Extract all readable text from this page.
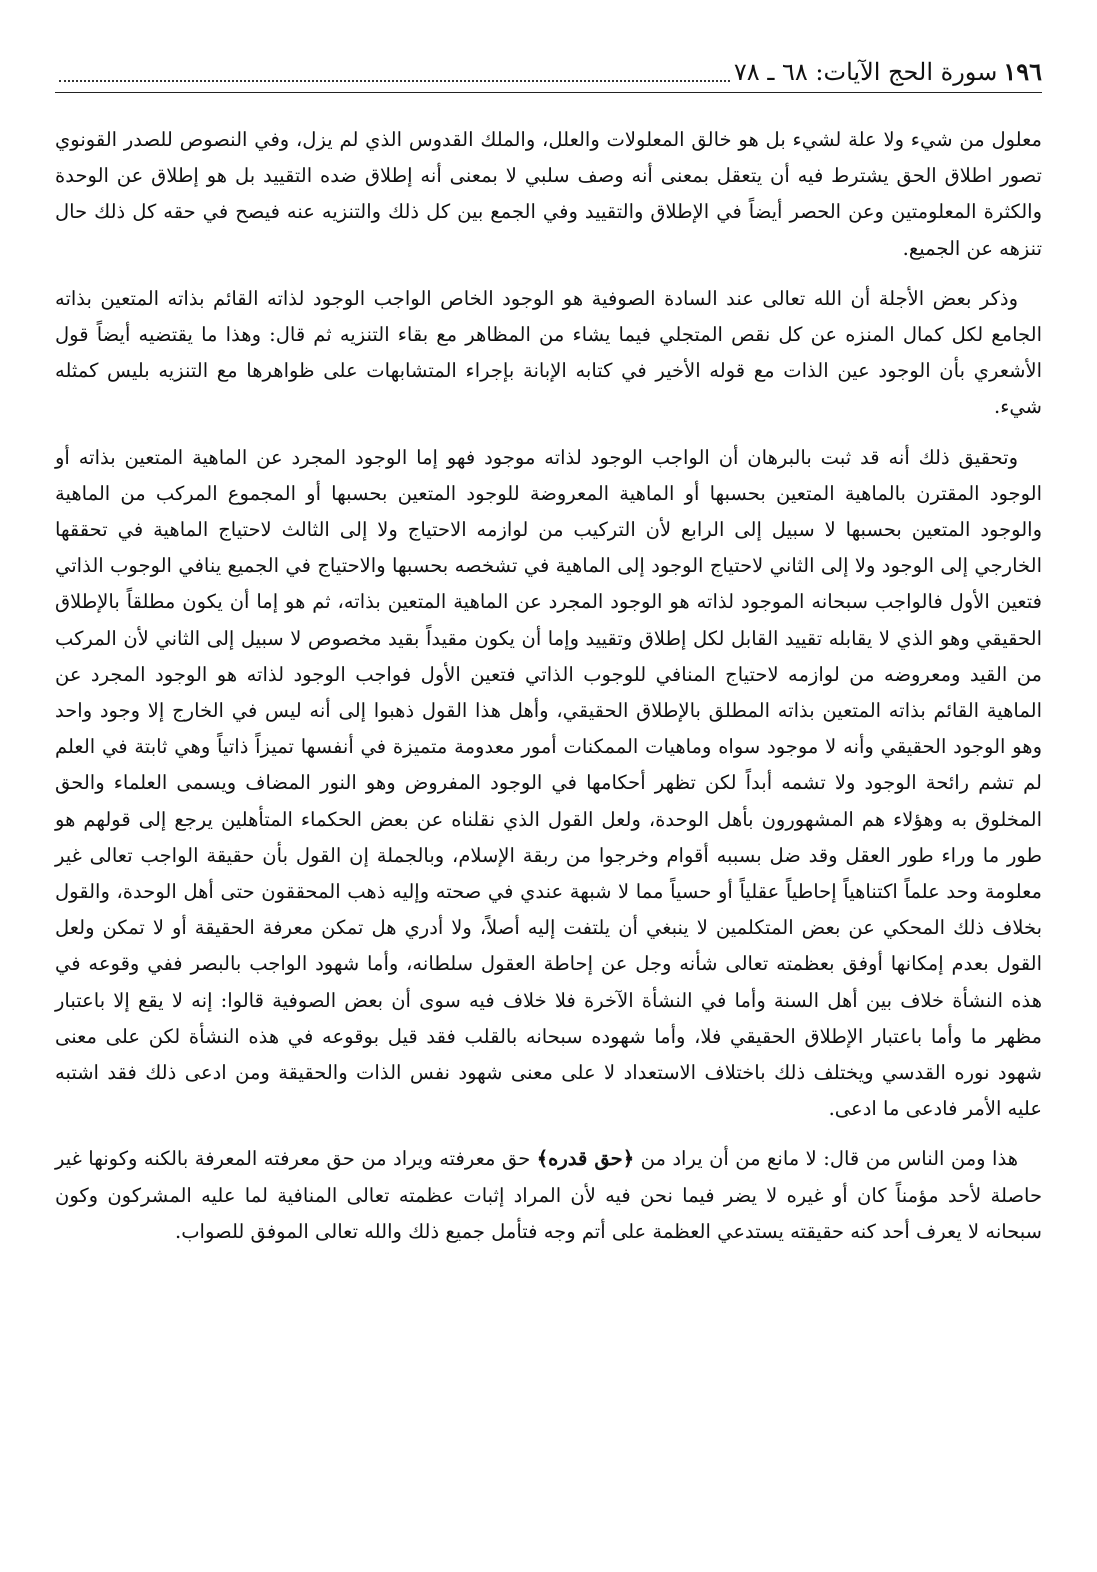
١٩٦
سورة الحج الآيات: ٦٨ ـ ٧٨

معلول من شيء ولا علة لشيء بل هو خالق المعلولات والعلل، والملك القدوس الذي لم يزل، وفي النصوص للصدر القونوي تصور اطلاق الحق يشترط فيه أن يتعقل بمعنى أنه وصف سلبي لا بمعنى أنه إطلاق ضده التقييد بل هو إطلاق عن الوحدة والكثرة المعلومتين وعن الحصر أيضاً في الإطلاق والتقييد وفي الجمع بين كل ذلك والتنزيه عنه فيصح في حقه كل ذلك حال تنزهه عن الجميع.

وذكر بعض الأجلة أن الله تعالى عند السادة الصوفية هو الوجود الخاص الواجب الوجود لذاته القائم بذاته المتعين بذاته الجامع لكل كمال المنزه عن كل نقص المتجلي فيما يشاء من المظاهر مع بقاء التنزيه ثم قال: وهذا ما يقتضيه أيضاً قول الأشعري بأن الوجود عين الذات مع قوله الأخير في كتابه الإبانة بإجراء المتشابهات على ظواهرها مع التنزيه بليس كمثله شيء.

وتحقيق ذلك أنه قد ثبت بالبرهان أن الواجب الوجود لذاته موجود فهو إما الوجود المجرد عن الماهية المتعين بذاته أو الوجود المقترن بالماهية المتعين بحسبها أو الماهية المعروضة للوجود المتعين بحسبها أو المجموع المركب من الماهية والوجود المتعين بحسبها لا سبيل إلى الرابع لأن التركيب من لوازمه الاحتياج ولا إلى الثالث لاحتياج الماهية في تحققها الخارجي إلى الوجود ولا إلى الثاني لاحتياج الوجود إلى الماهية في تشخصه بحسبها والاحتياج في الجميع ينافي الوجوب الذاتي فتعين الأول فالواجب سبحانه الموجود لذاته هو الوجود المجرد عن الماهية المتعين بذاته، ثم هو إما أن يكون مطلقاً بالإطلاق الحقيقي وهو الذي لا يقابله تقييد القابل لكل إطلاق وتقييد وإما أن يكون مقيداً بقيد مخصوص لا سبيل إلى الثاني لأن المركب من القيد ومعروضه من لوازمه لاحتياج المنافي للوجوب الذاتي فتعين الأول فواجب الوجود لذاته هو الوجود المجرد عن الماهية القائم بذاته المتعين بذاته المطلق بالإطلاق الحقيقي، وأهل هذا القول ذهبوا إلى أنه ليس في الخارج إلا وجود واحد وهو الوجود الحقيقي وأنه لا موجود سواه وماهيات الممكنات أمور معدومة متميزة في أنفسها تميزاً ذاتياً وهي ثابتة في العلم لم تشم رائحة الوجود ولا تشمه أبداً لكن تظهر أحكامها في الوجود المفروض وهو النور المضاف ويسمى العلماء والحق المخلوق به وهؤلاء هم المشهورون بأهل الوحدة، ولعل القول الذي نقلناه عن بعض الحكماء المتأهلين يرجع إلى قولهم هو طور ما وراء طور العقل وقد ضل بسببه أقوام وخرجوا من ربقة الإسلام، وبالجملة إن القول بأن حقيقة الواجب تعالى غير معلومة وحد علماً اكتناهياً إحاطياً عقلياً أو حسياً مما لا شبهة عندي في صحته وإليه ذهب المحققون حتى أهل الوحدة، والقول بخلاف ذلك المحكي عن بعض المتكلمين لا ينبغي أن يلتفت إليه أصلاً، ولا أدري هل تمكن معرفة الحقيقة أو لا تمكن ولعل القول بعدم إمكانها أوفق بعظمته تعالى شأنه وجل عن إحاطة العقول سلطانه، وأما شهود الواجب بالبصر ففي وقوعه في هذه النشأة خلاف بين أهل السنة وأما في النشأة الآخرة فلا خلاف فيه سوى أن بعض الصوفية قالوا: إنه لا يقع إلا باعتبار مظهر ما وأما باعتبار الإطلاق الحقيقي فلا، وأما شهوده سبحانه بالقلب فقد قيل بوقوعه في هذه النشأة لكن على معنى شهود نوره القدسي ويختلف ذلك باختلاف الاستعداد لا على معنى شهود نفس الذات والحقيقة ومن ادعى ذلك فقد اشتبه عليه الأمر فادعى ما ادعى.

هذا ومن الناس من قال: لا مانع من أن يراد من ﴿حق قدره﴾ حق معرفته ويراد من حق معرفته المعرفة بالكنه وكونها غير حاصلة لأحد مؤمناً كان أو غيره لا يضر فيما نحن فيه لأن المراد إثبات عظمته تعالى المنافية لما عليه المشركون وكون سبحانه لا يعرف أحد كنه حقيقته يستدعي العظمة على أتم وجه فتأمل جميع ذلك والله تعالى الموفق للصواب.
